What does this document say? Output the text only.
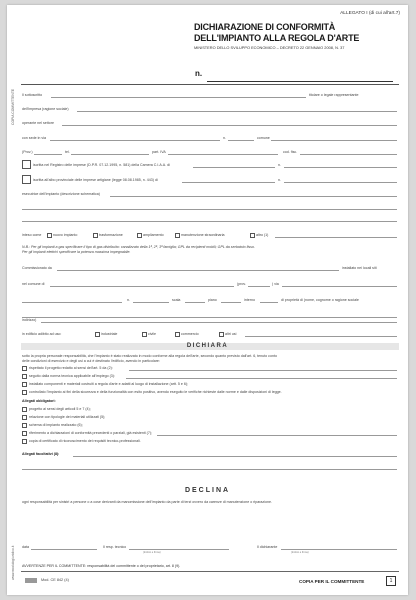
COPIA COMMITTENTE
www.modulogiuridico.it
ALLEGATO I (di cui all'art.7)
DICHIARAZIONE DI CONFORMITÀ
DELL'IMPIANTO ALLA REGOLA D'ARTE
MINISTERO DELLO SVILUPPO ECONOMICO – DECRETO 22 GENNAIO 2008, N. 37
n.
Il sottoscritto	titolare o legale rappresentante
dell'impresa (ragione sociale)
operante nel settore
con sede in via	n.	comune
(Prov.)	tel.	part. IVA	cod. fisc.
iscritta nel Registro delle imprese (D.P.R. 07.12.1995, n. 581) della Camera C.I.A.A. di	n.
iscritta all'albo provinciale delle imprese artigiane (legge 08.08.1985, n. 443) di	n.
esecutrice dell'impianto (descrizione schematica)
inteso come	nuovo impianto	trasformazione	ampliamento	manutenzione straordinaria	altro (1)
N.B.: Per gli impianti a gas specificare il tipo di gas distribuito: canalizzato della 1ª, 2ª, 3ª famiglia; GPL da recipienti mobili; GPL da serbatoio fisso.
Per gli impianti elettrici specificare la potenza massima impegnabile.
Commissionato da	installato nei locali siti
nel comune di	(prov.	) via
n.	scala	piano	interno	di proprietà di (nome, cognome o ragione sociale
indirizzo)
in edificio adibito ad uso:	industriale	civile	commercio	altri usi
DICHIARA
sotto la propria personale responsabilità, che l'impianto è stato realizzato in modo conforme alla regola dell'arte, secondo quanto previsto dall'art. 6, tenuto conto
delle condizioni di esercizio e degli usi a cui è destinato l'edificio, avendo in particolare:
rispettato il progetto redatto ai sensi dell'art. 5 da (2):
seguito dalla norma tecnica applicabile all'impiego (3):
installato componenti e materiali costruiti a regola d'arte e adatti al luogo di installazione (artt. 5 e 6);
controllato l'impianto ai fini della sicurezza e della funzionalità con esito positivo, avendo eseguito le verifiche richieste dalle norme e dalle disposizioni di legge.
Allegati obbligatori:
progetto ai sensi degli articoli 5 e 7 (4);
relazione con tipologie dei materiali utilizzati (5);
schema di impianto realizzato (6);
riferimento a dichiarazioni di conformità precedenti o parziali, già esistenti (7);
copia di certificato di riconoscimento dei requisiti tecnico-professionali.
Allegati facoltativi (8):
DECLINA
ogni responsabilità per sinistri a persone o a cose derivanti da manomissione dell'impianto da parte di terzi ovvero da carenze di manutenzione o riparazione.
data	Il resp. tecnico
(timbro e firma)
Il dichiarante
(timbro e firma)
AVVERTENZE PER IL COMMITTENTE: responsabilità del committente o del proprietario, art. 8 (9).
Mod. CE 842 (4)	COPIA PER IL COMMITTENTE	1
